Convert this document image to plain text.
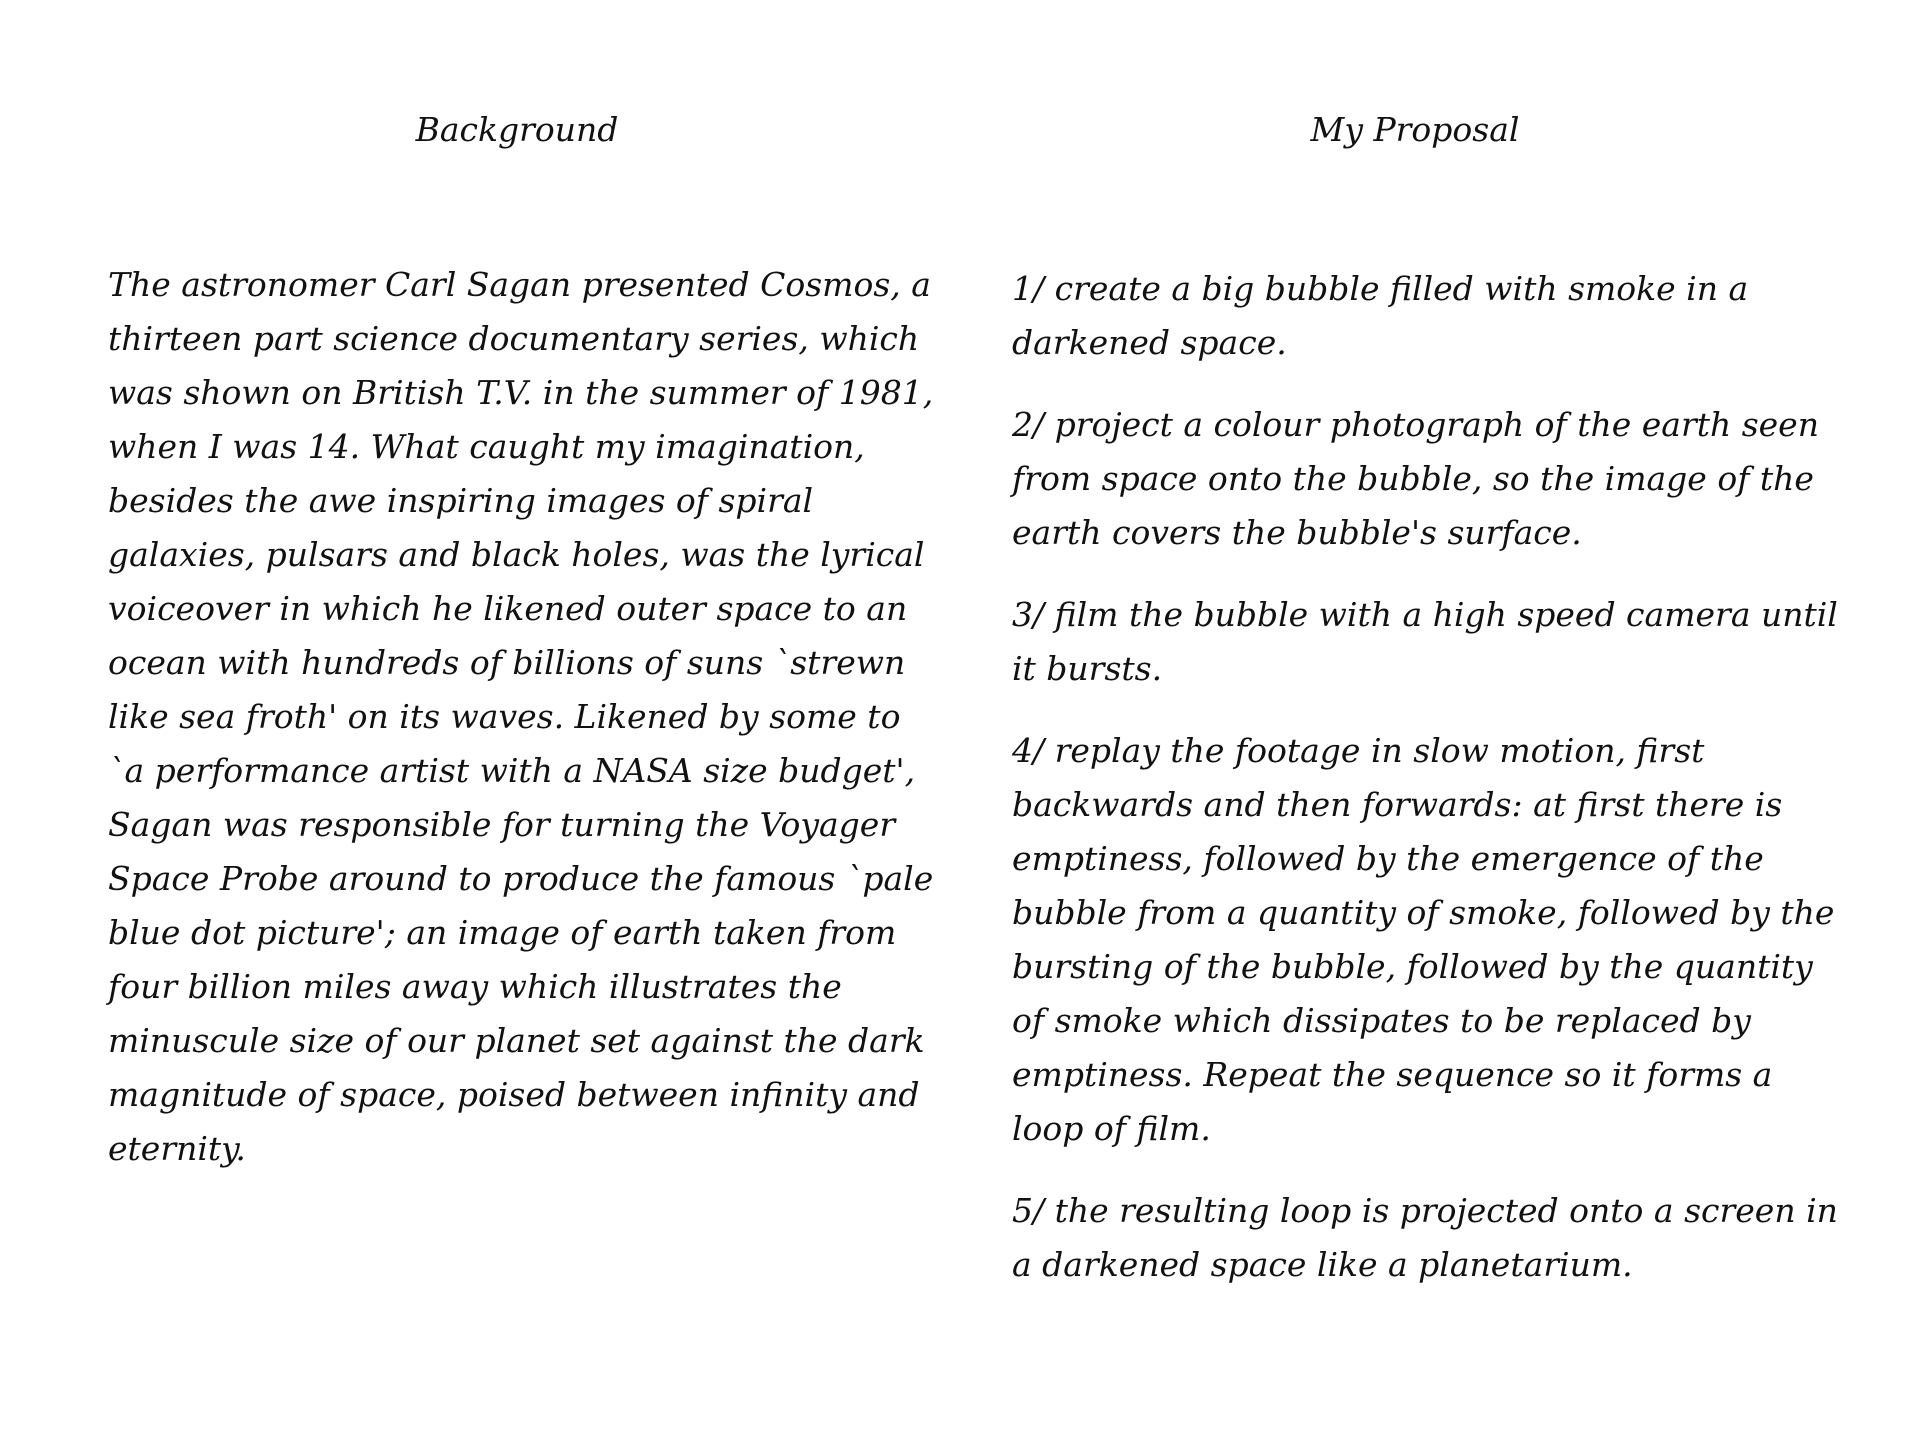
Background

The astronomer Carl Sagan presented Cosmos, a thirteen part science documentary series, which was shown on British T.V. in the summer of 1981, when I was 14. What caught my imagination, besides the awe inspiring images of spiral galaxies, pulsars and black holes, was the lyrical voiceover in which he likened outer space to an ocean with hundreds of billions of suns `strewn like sea froth' on its waves. Likened by some to `a performance artist with a NASA size budget', Sagan was responsible for turning the Voyager Space Probe around to produce the famous `pale blue dot picture'; an image of earth taken from four billion miles away which illustrates the minuscule size of our planet set against the dark magnitude of space, poised between infinity and eternity.

My Proposal
1/ create a big bubble filled with smoke in a darkened space.
2/ project a colour photograph of the earth seen from space onto the bubble, so the image of the earth covers the bubble's surface.
3/ film the bubble with a high speed camera until it bursts.
4/ replay the footage in slow motion, first backwards and then forwards: at first there is emptiness, followed by the emergence of the bubble from a quantity of smoke, followed by the bursting of the bubble, followed by the quantity of smoke which dissipates to be replaced by emptiness. Repeat the sequence so it forms a loop of film.
5/ the resulting loop is projected onto a screen in a darkened space like a planetarium.
